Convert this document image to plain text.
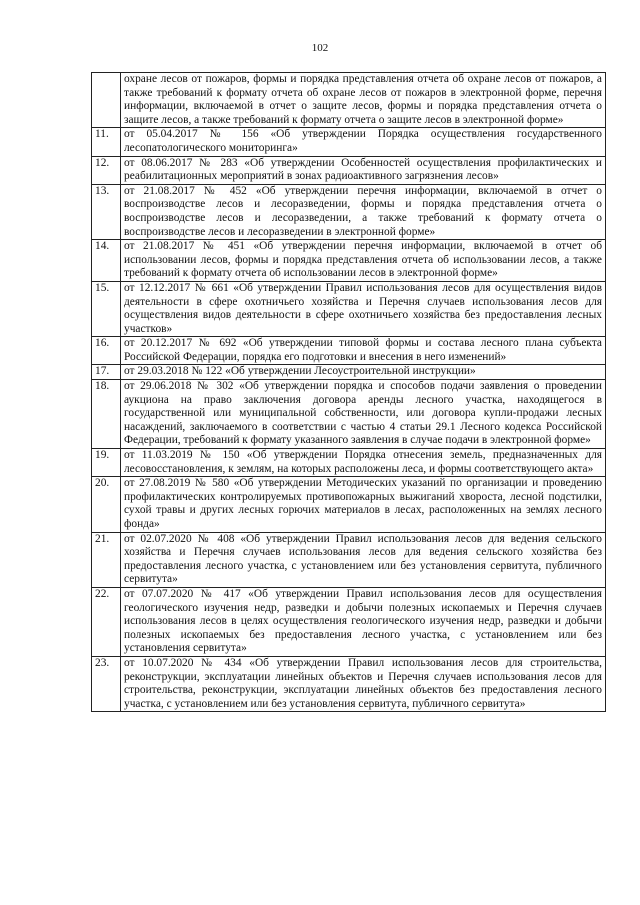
102
	охране лесов от пожаров, формы и порядка представления отчета об охране лесов от пожаров, а также требований к формату отчета об охране лесов от пожаров в электронной форме, перечня информации, включаемой в отчет о защите лесов, формы и порядка представления отчета о защите лесов, а также требований к формату отчета о защите лесов в электронной форме»
11.	от 05.04.2017 № 156 «Об утверждении Порядка осуществления государственного лесопатологического мониторинга»
12.	от 08.06.2017 № 283 «Об утверждении Особенностей осуществления профилактических и реабилитационных мероприятий в зонах радиоактивного загрязнения лесов»
13.	от 21.08.2017 № 452 «Об утверждении перечня информации, включаемой в отчет о воспроизводстве лесов и лесоразведении, формы и порядка представления отчета о воспроизводстве лесов и лесоразведении, а также требований к формату отчета о воспроизводстве лесов и лесоразведении в электронной форме»
14.	от 21.08.2017 № 451 «Об утверждении перечня информации, включаемой в отчет об использовании лесов, формы и порядка представления отчета об использовании лесов, а также требований к формату отчета об использовании лесов в электронной форме»
15.	от 12.12.2017 № 661 «Об утверждении Правил использования лесов для осуществления видов деятельности в сфере охотничьего хозяйства и Перечня случаев использования лесов для осуществления видов деятельности в сфере охотничьего хозяйства без предоставления лесных участков»
16.	от 20.12.2017 № 692 «Об утверждении типовой формы и состава лесного плана субъекта Российской Федерации, порядка его подготовки и внесения в него изменений»
17.	от 29.03.2018 № 122 «Об утверждении Лесоустроительной инструкции»
18.	от 29.06.2018 № 302 «Об утверждении порядка и способов подачи заявления о проведении аукциона на право заключения договора аренды лесного участка, находящегося в государственной или муниципальной собственности, или договора купли-продажи лесных насаждений, заключаемого в соответствии с частью 4 статьи 29.1 Лесного кодекса Российской Федерации, требований к формату указанного заявления в случае подачи в электронной форме»
19.	от 11.03.2019 № 150 «Об утверждении Порядка отнесения земель, предназначенных для лесовосстановления, к землям, на которых расположены леса, и формы соответствующего акта»
20.	от 27.08.2019 № 580 «Об утверждении Методических указаний по организации и проведению профилактических контролируемых противопожарных выжиганий хвороста, лесной подстилки, сухой травы и других лесных горючих материалов в лесах, расположенных на землях лесного фонда»
21.	от 02.07.2020 № 408 «Об утверждении Правил использования лесов для ведения сельского хозяйства и Перечня случаев использования лесов для ведения сельского хозяйства без предоставления лесного участка, с установлением или без установления сервитута, публичного сервитута»
22.	от 07.07.2020 № 417 «Об утверждении Правил использования лесов для осуществления геологического изучения недр, разведки и добычи полезных ископаемых и Перечня случаев использования лесов в целях осуществления геологического изучения недр, разведки и добычи полезных ископаемых без предоставления лесного участка, с установлением или без установления сервитута»
23.	от 10.07.2020 № 434 «Об утверждении Правил использования лесов для строительства, реконструкции, эксплуатации линейных объектов и Перечня случаев использования лесов для строительства, реконструкции, эксплуатации линейных объектов без предоставления лесного участка, с установлением или без установления сервитута, публичного сервитута»
